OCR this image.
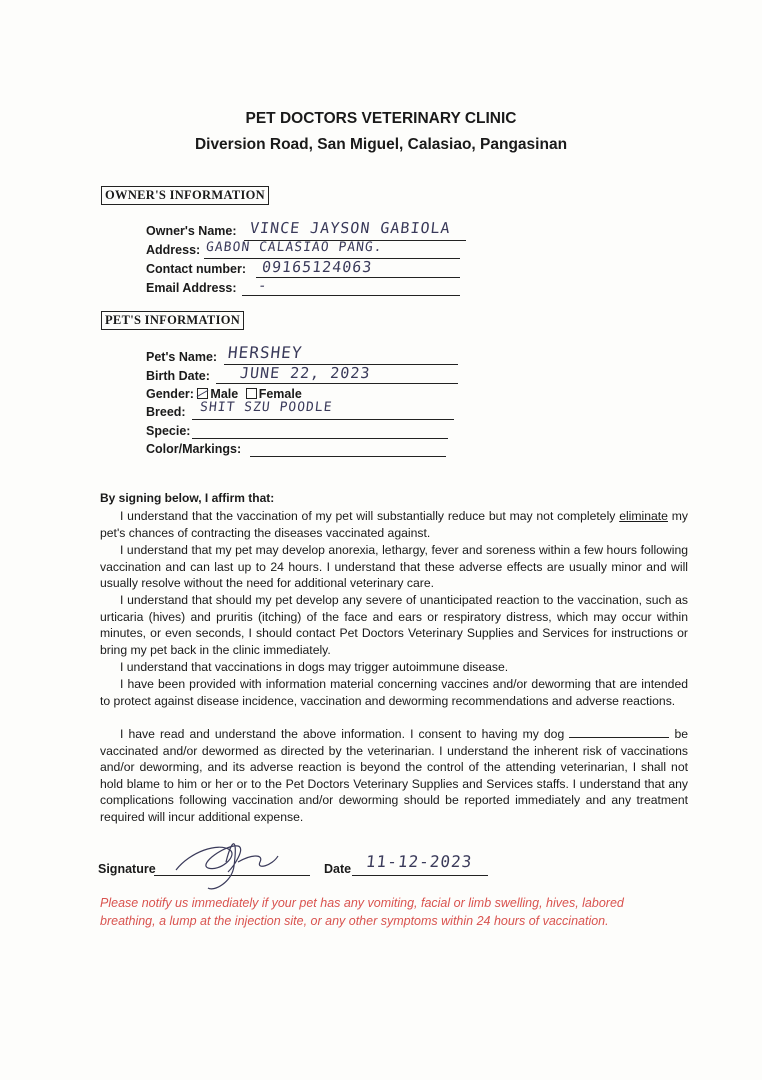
PET DOCTORS VETERINARY CLINIC
Diversion Road, San Miguel, Calasiao, Pangasinan
OWNER'S INFORMATION
Owner's Name: VINCE JAYSON GABIOLA
Address: GABON CALASIAO PANG.
Contact number: 09165124063
Email Address: -
PET'S INFORMATION
Pet's Name: HERSHEY
Birth Date: JUNE 22, 2023
Gender: Male Female
Breed: SHIT SZU POODLE
Specie:
Color/Markings:
By signing below, I affirm that:

I understand that the vaccination of my pet will substantially reduce but may not completely eliminate my pet's chances of contracting the diseases vaccinated against.

I understand that my pet may develop anorexia, lethargy, fever and soreness within a few hours following vaccination and can last up to 24 hours. I understand that these adverse effects are usually minor and will usually resolve without the need for additional veterinary care.

I understand that should my pet develop any severe of unanticipated reaction to the vaccination, such as urticaria (hives) and pruritis (itching) of the face and ears or respiratory distress, which may occur within minutes, or even seconds, I should contact Pet Doctors Veterinary Supplies and Services for instructions or bring my pet back in the clinic immediately.

I understand that vaccinations in dogs may trigger autoimmune disease.

I have been provided with information material concerning vaccines and/or deworming that are intended to protect against disease incidence, vaccination and deworming recommendations and adverse reactions.

I have read and understand the above information. I consent to having my dog	be vaccinated and/or dewormed as directed by the veterinarian. I understand the inherent risk of vaccinations and/or deworming, and its adverse reaction is beyond the control of the attending veterinarian, I shall not hold blame to him or her or to the Pet Doctors Veterinary Supplies and Services staffs. I understand that any complications following vaccination and/or deworming should be reported immediately and any treatment required will incur additional expense.

Signature	Date 11-12-2023

Please notify us immediately if your pet has any vomiting, facial or limb swelling, hives, labored breathing, a lump at the injection site, or any other symptoms within 24 hours of vaccination.
